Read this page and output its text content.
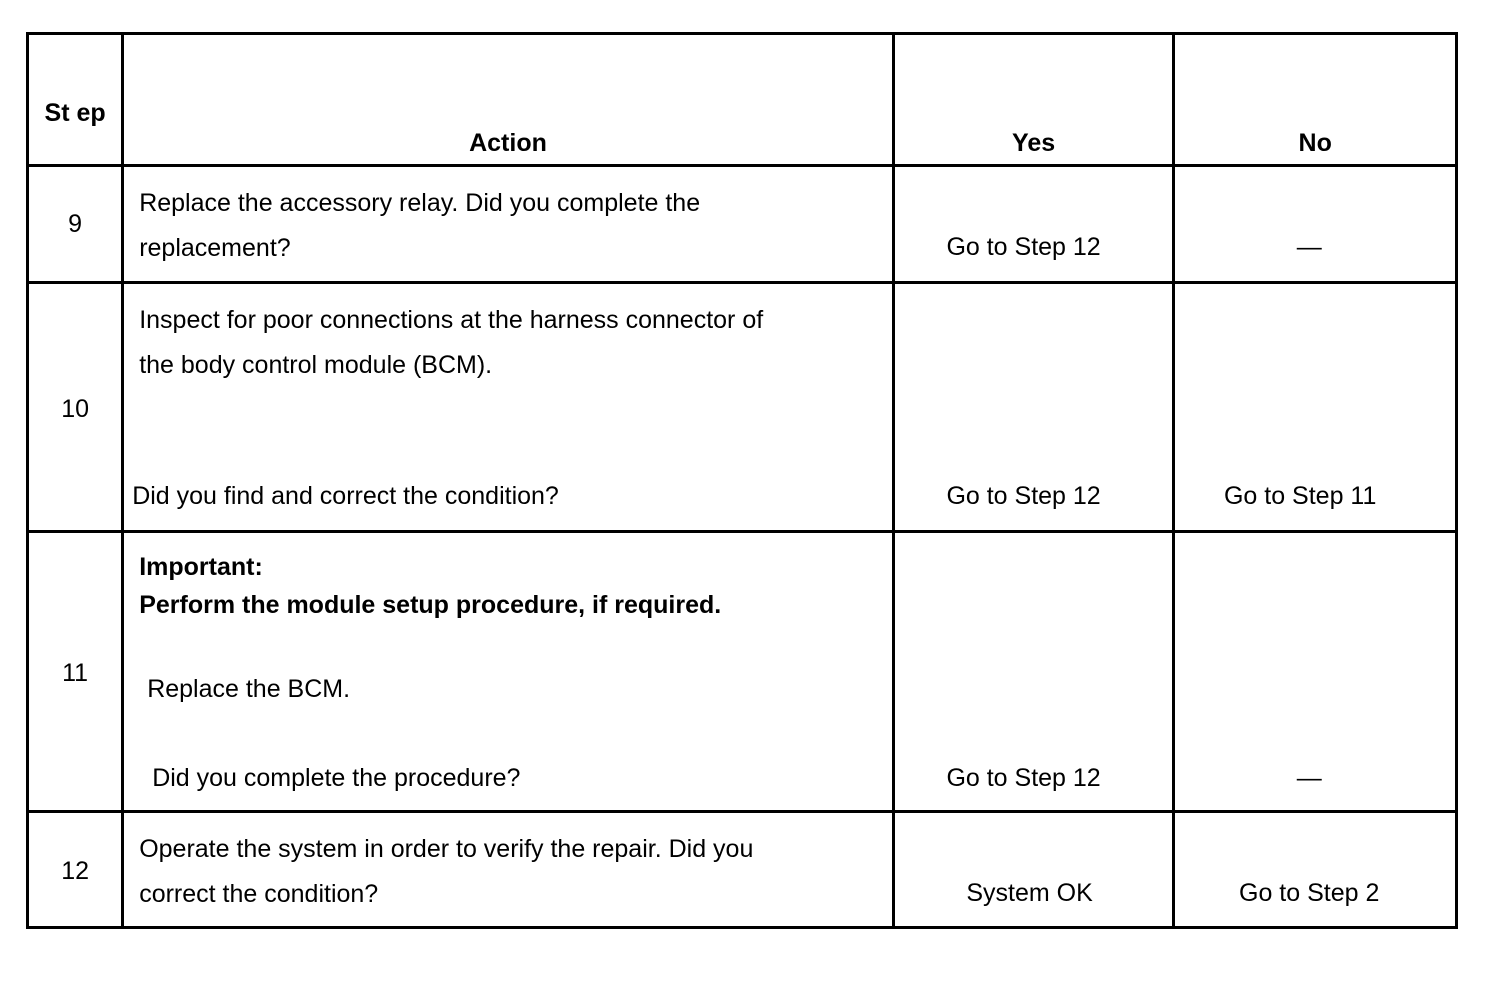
St ep	Action	Yes	No

9	Replace the accessory relay. Did you complete the
replacement?	Go to Step 12	—

10	Inspect for poor connections at the harness connector of
the body control module (BCM).
Did you find and correct the condition?	Go to Step 12	Go to Step 11

11	Important:
Perform the module setup procedure, if required.
Replace the BCM.
Did you complete the procedure?	Go to Step 12	—

12	Operate the system in order to verify the repair. Did you
correct the condition?	System OK	Go to Step 2
